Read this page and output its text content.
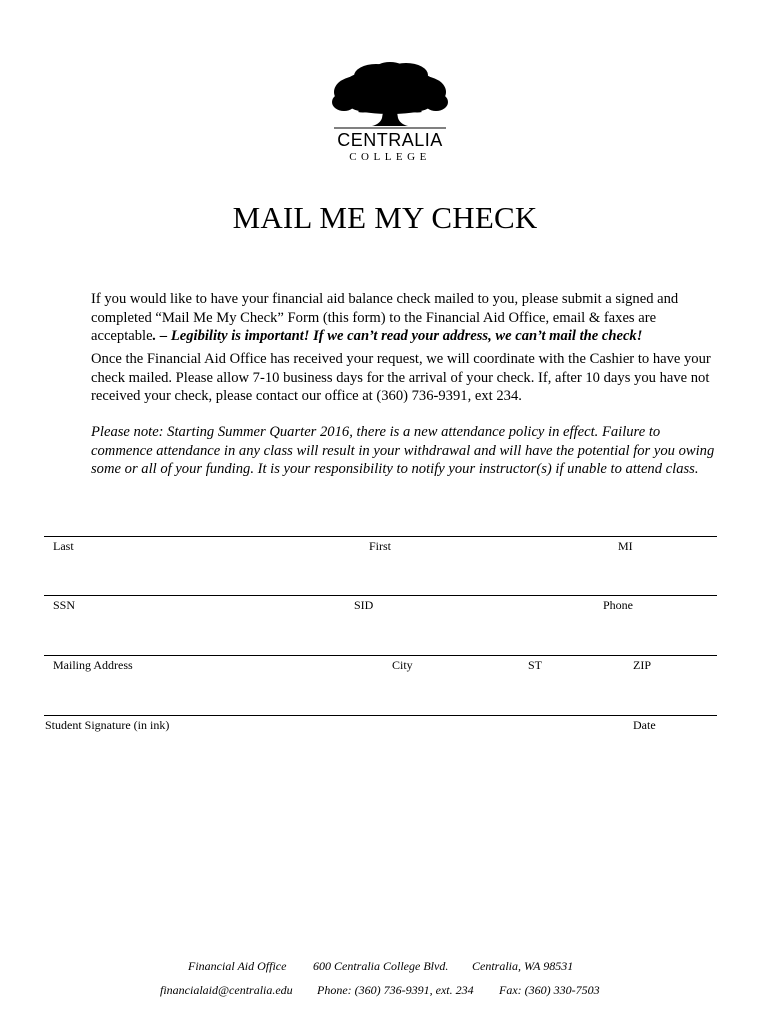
CENTRALIA
COLLEGE
MAIL ME MY CHECK
If you would like to have your financial aid balance check mailed to you, please submit a signed and completed “Mail Me My Check” Form (this form) to the Financial Aid Office, email & faxes are acceptable. – Legibility is important! If we can’t read your address, we can’t mail the check!
Once the Financial Aid Office has received your request, we will coordinate with the Cashier to have your check mailed. Please allow 7-10 business days for the arrival of your check. If, after 10 days you have not received your check, please contact our office at (360) 736-9391, ext 234.
Please note: Starting Summer Quarter 2016, there is a new attendance policy in effect. Failure to commence attendance in any class will result in your withdrawal and will have the potential for you owing some or all of your funding. It is your responsibility to notify your instructor(s) if unable to attend class.
Last	First	MI
SSN	SID	Phone
Mailing Address	City	ST	ZIP
Student Signature (in ink)	Date
Financial Aid Office 600 Centralia College Blvd. Centralia, WA 98531
financialaid@centralia.edu Phone: (360) 736-9391, ext. 234 Fax: (360) 330-7503
